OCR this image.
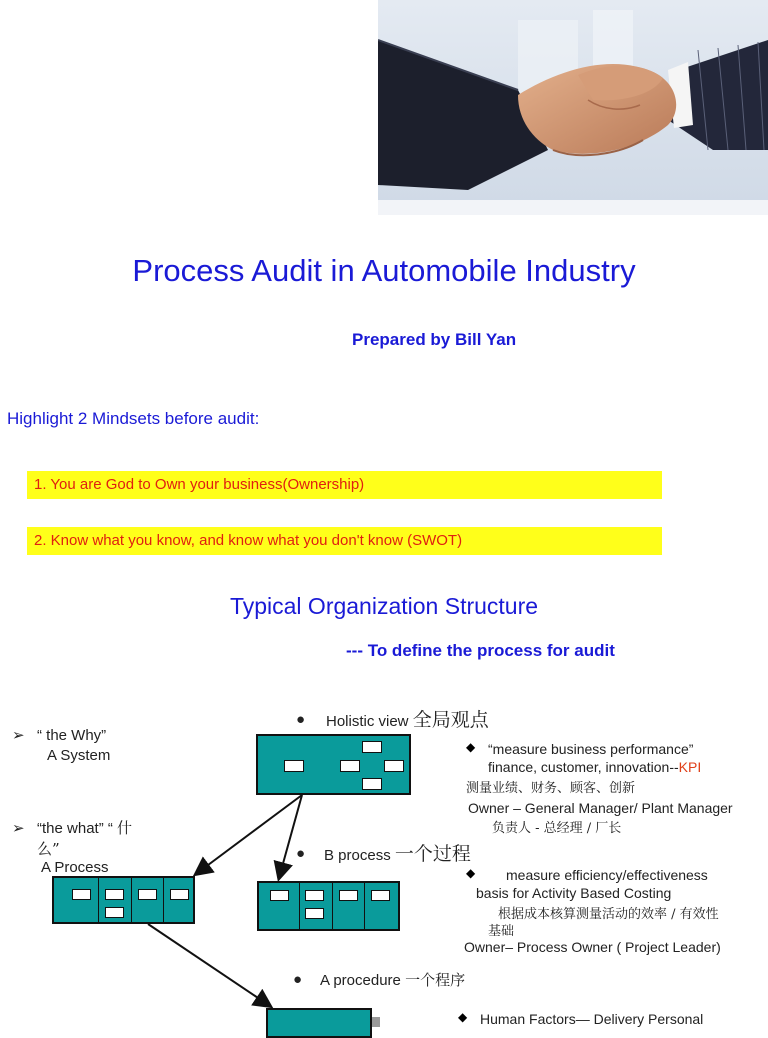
Process Audit in Automobile Industry
Prepared by Bill Yan
Highlight 2 Mindsets before audit:
1. You are God to Own your business(Ownership)
2. Know what you know, and know what you don't know (SWOT)
Typical Organization Structure
--- To define the process for audit
➢ “ the Why”
A System
➢ “the what” “ 什
么”
A Process
● Holistic view 全局观点
● B process 一个过程
● A procedure 一个程序
◆ “measure business performance”
finance, customer, innovation--KPI
测量业绩、财务、顾客、创新
Owner – General Manager/ Plant Manager
负责人 - 总经理 / 厂长
◆ measure efficiency/effectiveness
basis for Activity Based Costing
根据成本核算测量活动的效率 / 有效性
基础
Owner– Process Owner ( Project Leader)
◆ Human Factors— Delivery Personal
